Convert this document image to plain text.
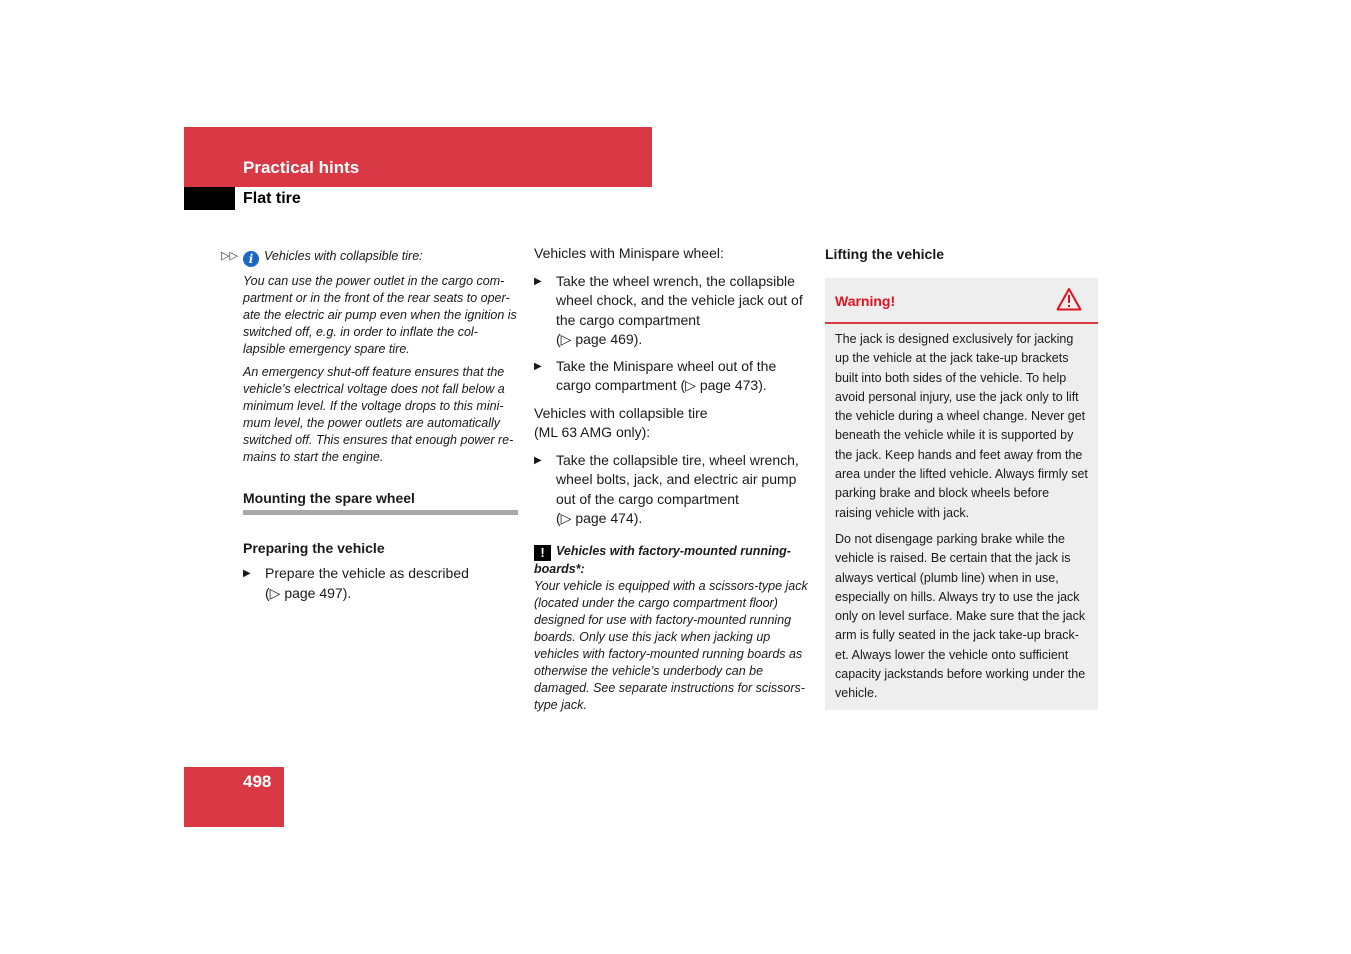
Practical hints
Flat tire
▷▷ i Vehicles with collapsible tire:

You can use the power outlet in the cargo com-partment or in the front of the rear seats to oper-ate the electric air pump even when the ignition is switched off, e.g. in order to inflate the col-lapsible emergency spare tire.

An emergency shut-off feature ensures that the vehicle’s electrical voltage does not fall below a minimum level. If the voltage drops to this mini-mum level, the power outlets are automatically switched off. This ensures that enough power re-mains to start the engine.

Mounting the spare wheel
Preparing the vehicle
▶	Prepare the vehicle as described
(▷ page 497).

Vehicles with Minispare wheel:

▶	Take the wheel wrench, the collapsible wheel chock, and the vehicle jack out of the cargo compartment
(▷ page 469).
▶	Take the Minispare wheel out of the cargo compartment (▷ page 473).

Vehicles with collapsible tire
(ML 63 AMG only):

▶	Take the collapsible tire, wheel wrench, wheel bolts, jack, and electric air pump out of the cargo compartment
(▷ page 474).
! Vehicles with factory-mounted running-boards*:
Your vehicle is equipped with a scissors-type jack (located under the cargo compartment floor) designed for use with factory-mounted running boards. Only use this jack when jacking up vehicles with factory-mounted running boards as otherwise the vehicle’s underbody can be damaged. See separate instructions for scissors-type jack.

Lifting the vehicle

Warning!

The jack is designed exclusively for jacking up the vehicle at the jack take-up brackets built into both sides of the vehicle. To help avoid personal injury, use the jack only to lift the vehicle during a wheel change. Never get beneath the vehicle while it is supported by the jack. Keep hands and feet away from the area under the lifted vehicle. Always firmly set parking brake and block wheels before raising vehicle with jack.

Do not disengage parking brake while the vehicle is raised. Be certain that the jack is always vertical (plumb line) when in use, especially on hills. Always try to use the jack only on level surface. Make sure that the jack arm is fully seated in the jack take-up brack-et. Always lower the vehicle onto sufficient capacity jackstands before working under the vehicle.

498
